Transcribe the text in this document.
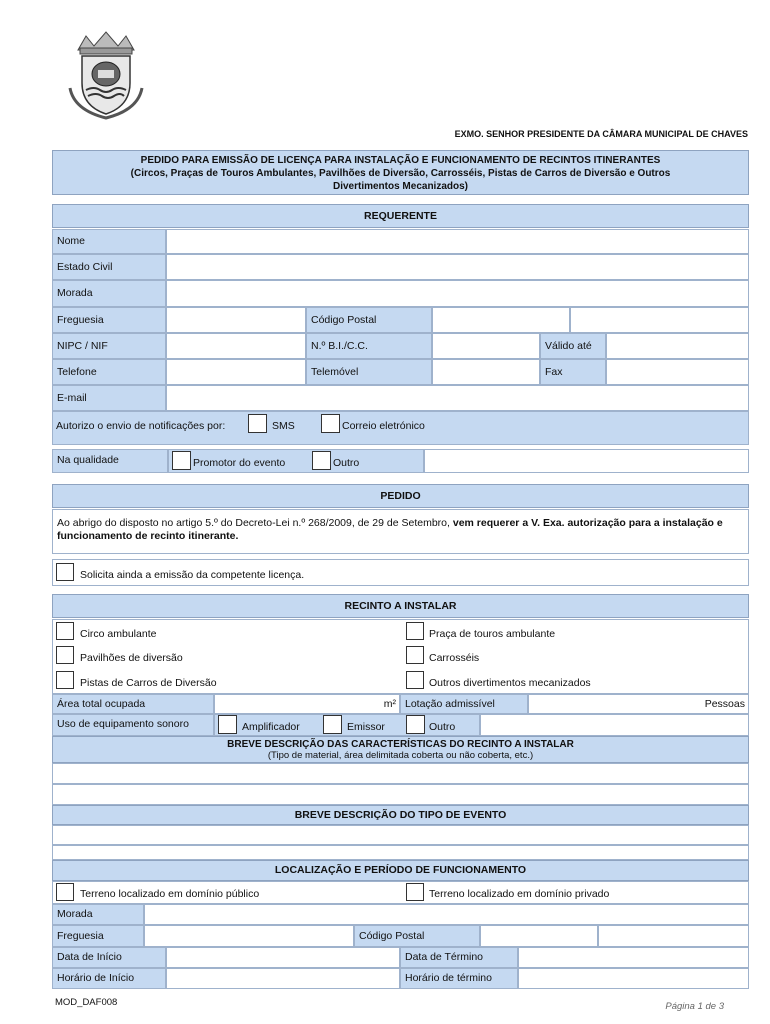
EXMO. SENHOR PRESIDENTE DA CÂMARA MUNICIPAL DE CHAVES
PEDIDO PARA EMISSÃO DE LICENÇA PARA INSTALAÇÃO E FUNCIONAMENTO DE RECINTOS ITINERANTES
(Circos, Praças de Touros Ambulantes, Pavilhões de Diversão, Carrosséis, Pistas de Carros de Diversão e Outros
Divertimentos Mecanizados)
REQUERENTE
Nome
Estado Civil
Morada
Freguesia	Código Postal
NIPC / NIF	N.º B.I./C.C.	Válido até
Telefone	Telemóvel	Fax
E-mail
Autorizo o envio de notificações por:	SMS	Correio eletrónico
Na qualidade	Promotor do evento	Outro
PEDIDO
Ao abrigo do disposto no artigo 5.º do Decreto-Lei n.º 268/2009, de 29 de Setembro, vem requerer a V. Exa. autorização para a instalação e funcionamento de recinto itinerante.
Solicita ainda a emissão da competente licença.
RECINTO A INSTALAR
Circo ambulante	Praça de touros ambulante
Pavilhões de diversão	Carrosséis
Pistas de Carros de Diversão	Outros divertimentos mecanizados
Área total ocupada	m² Lotação admissível	Pessoas
Uso de equipamento sonoro	Amplificador	Emissor	Outro
BREVE DESCRIÇÃO DAS CARACTERÍSTICAS DO RECINTO A INSTALAR
(Tipo de material, área delimitada coberta ou não coberta, etc.)
BREVE DESCRIÇÃO DO TIPO DE EVENTO
LOCALIZAÇÃO E PERÍODO DE FUNCIONAMENTO
Terreno localizado em domínio público	Terreno localizado em domínio privado
Morada
Freguesia	Código Postal
Data de Início	Data de Término
Horário de Início	Horário de término
MOD_DAF008	Página 1 de 3
